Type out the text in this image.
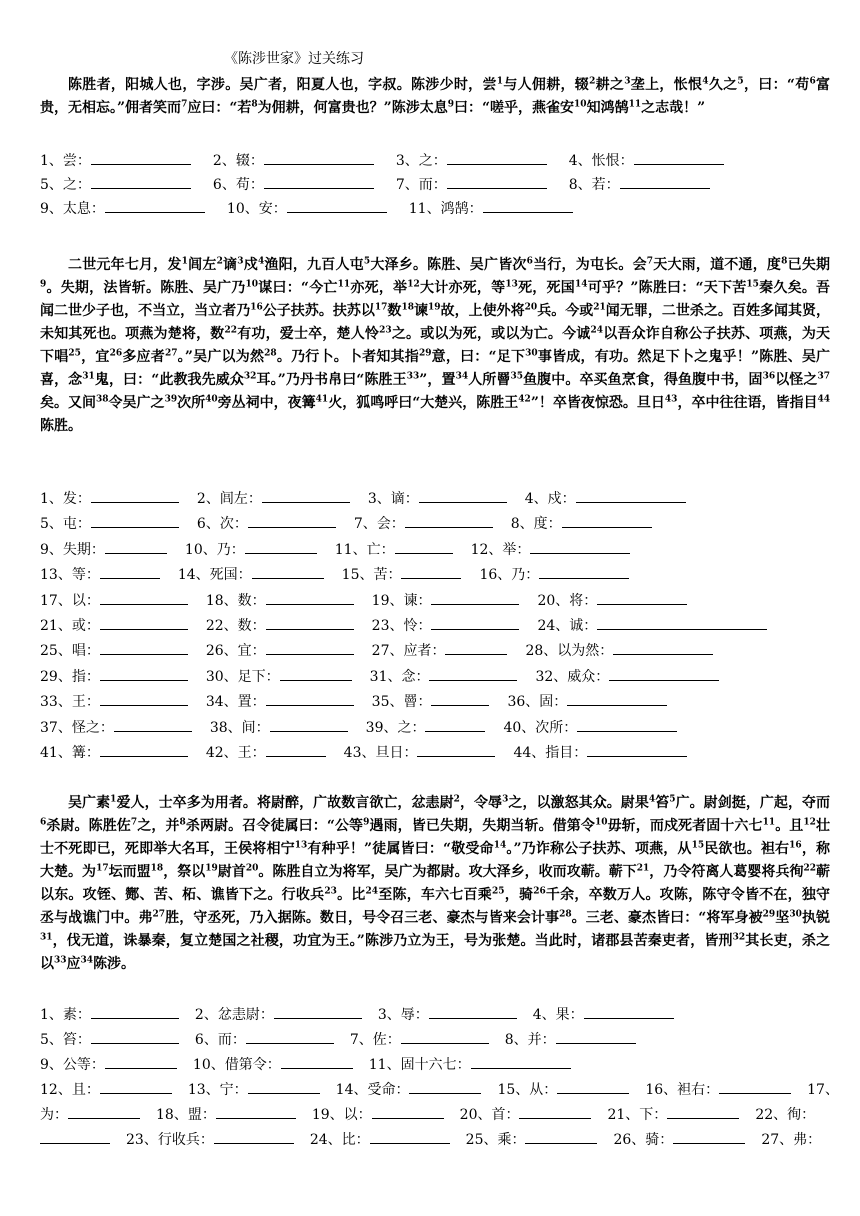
《陈涉世家》过关练习
陈胜者，阳城人也，字涉。吴广者，阳夏人也，字叔。陈涉少时，尝$^1$与人佣耕，辍$^2$耕之$^3$垄上，怅恨$^4$久之$^5$，曰：“苟$^6$富贵，无相忘。”佣者笑而$^7$应曰：“若$^8$为佣耕，何富贵也？”陈涉太息$^9$曰：“嗟乎，燕雀安$^{10}$知鸿鹄$^{11}$之志哉！”
1、尝：	2、辍：	3、之：	4、怅恨：
5、之：	6、苟：	7、而：	8、若：
9、太息：	10、安：	11、鸿鹄：
二世元年七月，发$^1$闾左$^2$谪$^3$戍$^4$渔阳，九百人屯$^5$大泽乡。陈胜、吴广皆次$^6$当行，为屯长。会$^7$天大雨，道不通，度$^8$已失期$^9$。失期，法皆斩。陈胜、吴广乃$^{10}$谋曰：“今亡$^{11}$亦死，举$^{12}$大计亦死，等$^{13}$死，死国$^{14}$可乎？”陈胜曰：“天下苦$^{15}$秦久矣。吾闻二世少子也，不当立，当立者乃$^{16}$公子扶苏。扶苏以$^{17}$数$^{18}$谏$^{19}$故，上使外将$^{20}$兵。今或$^{21}$闻无罪，二世杀之。百姓多闻其贤，未知其死也。项燕为楚将，数$^{22}$有功，爱士卒，楚人怜$^{23}$之。或以为死，或以为亡。今诚$^{24}$以吾众诈自称公子扶苏、项燕，为天下唱$^{25}$，宜$^{26}$多应者$^{27}$。”吴广以为然$^{28}$。乃行卜。卜者知其指$^{29}$意，曰：“足下$^{30}$事皆成，有功。然足下卜之鬼乎！”陈胜、吴广喜，念$^{31}$鬼，曰：“此教我先威众$^{32}$耳。”乃丹书帛曰“陈胜王$^{33}$”，置$^{34}$人所罾$^{35}$鱼腹中。卒买鱼烹食，得鱼腹中书，固$^{36}$以怪之$^{37}$矣。又间$^{38}$令吴广之$^{39}$次所$^{40}$旁丛祠中，夜篝$^{41}$火，狐鸣呼曰“大楚兴，陈胜王$^{42}$”！卒皆夜惊恐。旦日$^{43}$，卒中往往语，皆指目$^{44}$陈胜。
1、发：	2、闾左：	3、谪：	4、戍：
5、屯：	6、次：	7、会：	8、度：
9、失期：	10、乃：	11、亡：	12、举：
13、等：	14、死国：	15、苦：	16、乃：
17、以：	18、数：	19、谏：	20、将：
21、或：	22、数：	23、怜：	24、诚：
25、唱：	26、宜：	27、应者：	28、以为然：
29、指：	30、足下：	31、念：	32、威众：
33、王：	34、置：	35、罾：	36、固：
37、怪之：	38、间：	39、之：	40、次所：
41、篝：	42、王：	43、旦日：	44、指目：
吴广素$^1$爱人，士卒多为用者。将尉醉，广故数言欲亡，忿恚尉$^2$，令辱$^3$之，以激怒其众。尉果$^4$笞$^5$广。尉剑挺，广起，夺而$^6$杀尉。陈胜佐$^7$之，并$^8$杀两尉。召令徒属曰：“公等$^9$遇雨，皆已失期，失期当斩。借第令$^{10}$毋斩，而戍死者固十六七$^{11}$。且$^{12}$壮士不死即已，死即举大名耳，王侯将相宁$^{13}$有种乎！”徒属皆曰：“敬受命$^{14}$。”乃诈称公子扶苏、项燕，从$^{15}$民欲也。袒右$^{16}$，称大楚。为$^{17}$坛而盟$^{18}$，祭以$^{19}$尉首$^{20}$。陈胜自立为将军，吴广为都尉。攻大泽乡，收而攻蕲。蕲下$^{21}$，乃令符离人葛婴将兵徇$^{22}$蕲以东。攻铚、酂、苦、柘、谯皆下之。行收兵$^{23}$。比$^{24}$至陈，车六七百乘$^{25}$，骑$^{26}$千余，卒数万人。攻陈，陈守令皆不在，独守丞与战谯门中。弗$^{27}$胜，守丞死，乃入据陈。数日，号令召三老、豪杰与皆来会计事$^{28}$。三老、豪杰皆曰：“将军身被$^{29}$坚$^{30}$执锐$^{31}$，伐无道，诛暴秦，复立楚国之社稷，功宜为王。”陈涉乃立为王，号为张楚。当此时，诸郡县苦秦吏者，皆刑$^{32}$其长吏，杀之以$^{33}$应$^{34}$陈涉。
1、素：	2、忿恚尉：	3、辱：	4、果：
5、笞：	6、而：	7、佐：	8、并：
9、公等：	10、借第令：	11、固十六七：
12、且：	13、宁：	14、受命：	15、从：	16、袒右：	17、
为：	18、盟：	19、以：	20、首：	21、下：	22、徇：
23、行收兵：	24、比：	25、乘：	26、骑：	27、弗：
